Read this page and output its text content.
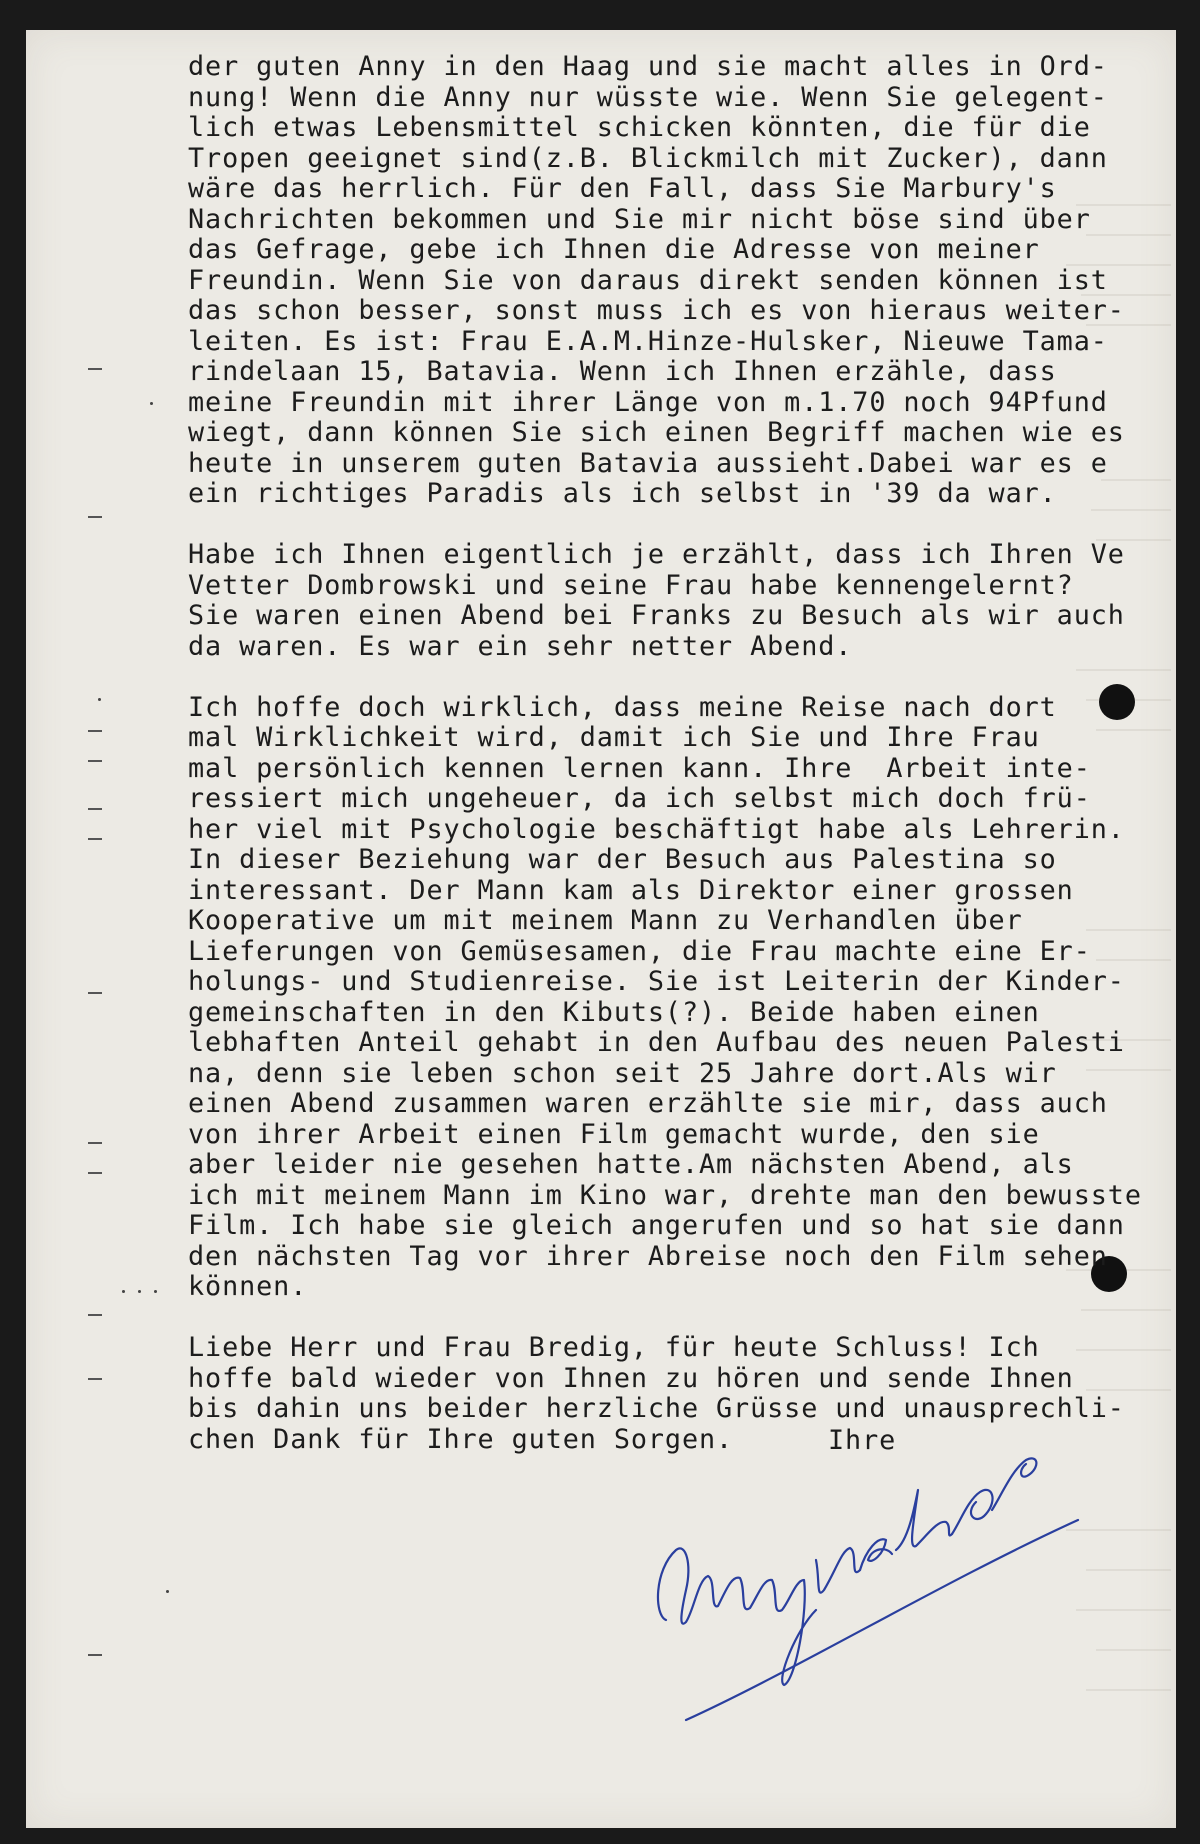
der guten Anny in den Haag und sie macht alles in Ord-
nung! Wenn die Anny nur wüsste wie. Wenn Sie gelegent-
lich etwas Lebensmittel schicken könnten, die für die
Tropen geeignet sind(z.B. Blickmilch mit Zucker), dann
wäre das herrlich. Für den Fall, dass Sie Marbury's
Nachrichten bekommen und Sie mir nicht böse sind über
das Gefrage, gebe ich Ihnen die Adresse von meiner
Freundin. Wenn Sie von daraus direkt senden können ist
das schon besser, sonst muss ich es von hieraus weiter-
leiten. Es ist: Frau E.A.M.Hinze-Hulsker, Nieuwe Tama-
rindelaan 15, Batavia. Wenn ich Ihnen erzähle, dass
meine Freundin mit ihrer Länge von m.1.70 noch 94Pfund
wiegt, dann können Sie sich einen Begriff machen wie es
heute in unserem guten Batavia aussieht.Dabei war es e
ein richtiges Paradis als ich selbst in '39 da war.
Habe ich Ihnen eigentlich je erzählt, dass ich Ihren Ve
Vetter Dombrowski und seine Frau habe kennengelernt?
Sie waren einen Abend bei Franks zu Besuch als wir auch
da waren. Es war ein sehr netter Abend.
Ich hoffe doch wirklich, dass meine Reise nach dort
mal Wirklichkeit wird, damit ich Sie und Ihre Frau
mal persönlich kennen lernen kann. Ihre  Arbeit inte-
ressiert mich ungeheuer, da ich selbst mich doch frü-
her viel mit Psychologie beschäftigt habe als Lehrerin.
In dieser Beziehung war der Besuch aus Palestina so
interessant. Der Mann kam als Direktor einer grossen
Kooperative um mit meinem Mann zu Verhandlen über
Lieferungen von Gemüsesamen, die Frau machte eine Er-
holungs- und Studienreise. Sie ist Leiterin der Kinder-
gemeinschaften in den Kibuts(?). Beide haben einen
lebhaften Anteil gehabt in den Aufbau des neuen Palesti
na, denn sie leben schon seit 25 Jahre dort.Als wir
einen Abend zusammen waren erzählte sie mir, dass auch
von ihrer Arbeit einen Film gemacht wurde, den sie
aber leider nie gesehen hatte.Am nächsten Abend, als
ich mit meinem Mann im Kino war, drehte man den bewusste
Film. Ich habe sie gleich angerufen und so hat sie dann
den nächsten Tag vor ihrer Abreise noch den Film sehen
können.
Liebe Herr und Frau Bredig, für heute Schluss! Ich
hoffe bald wieder von Ihnen zu hören und sende Ihnen
bis dahin uns beider herzliche Grüsse und unausprechli-
chen Dank für Ihre guten Sorgen.	Ihre
